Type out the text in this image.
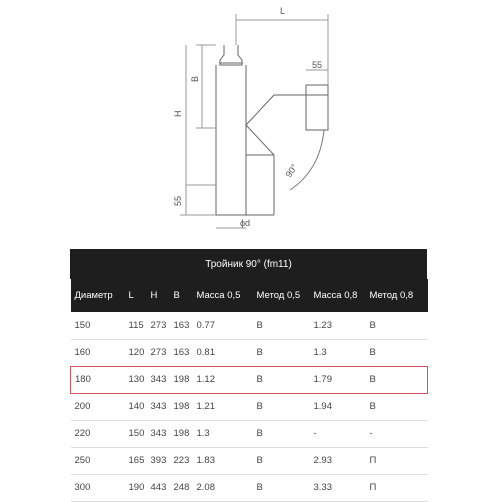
L
55
B
H
55
90°
ϕd
Тройник 90° (fm11)
Диаметр	L	H	B	Масса 0,5	Метод 0,5	Масса 0,8	Метод 0,8
150	115	273	163	0.77	В	1.23	В
160	120	273	163	0.81	В	1.3	В
180	130	343	198	1.12	В	1.79	В
200	140	343	198	1.21	В	1.94	В
220	150	343	198	1.3	В	-	-
250	165	393	223	1.83	В	2.93	П
300	190	443	248	2.08	В	3.33	П
